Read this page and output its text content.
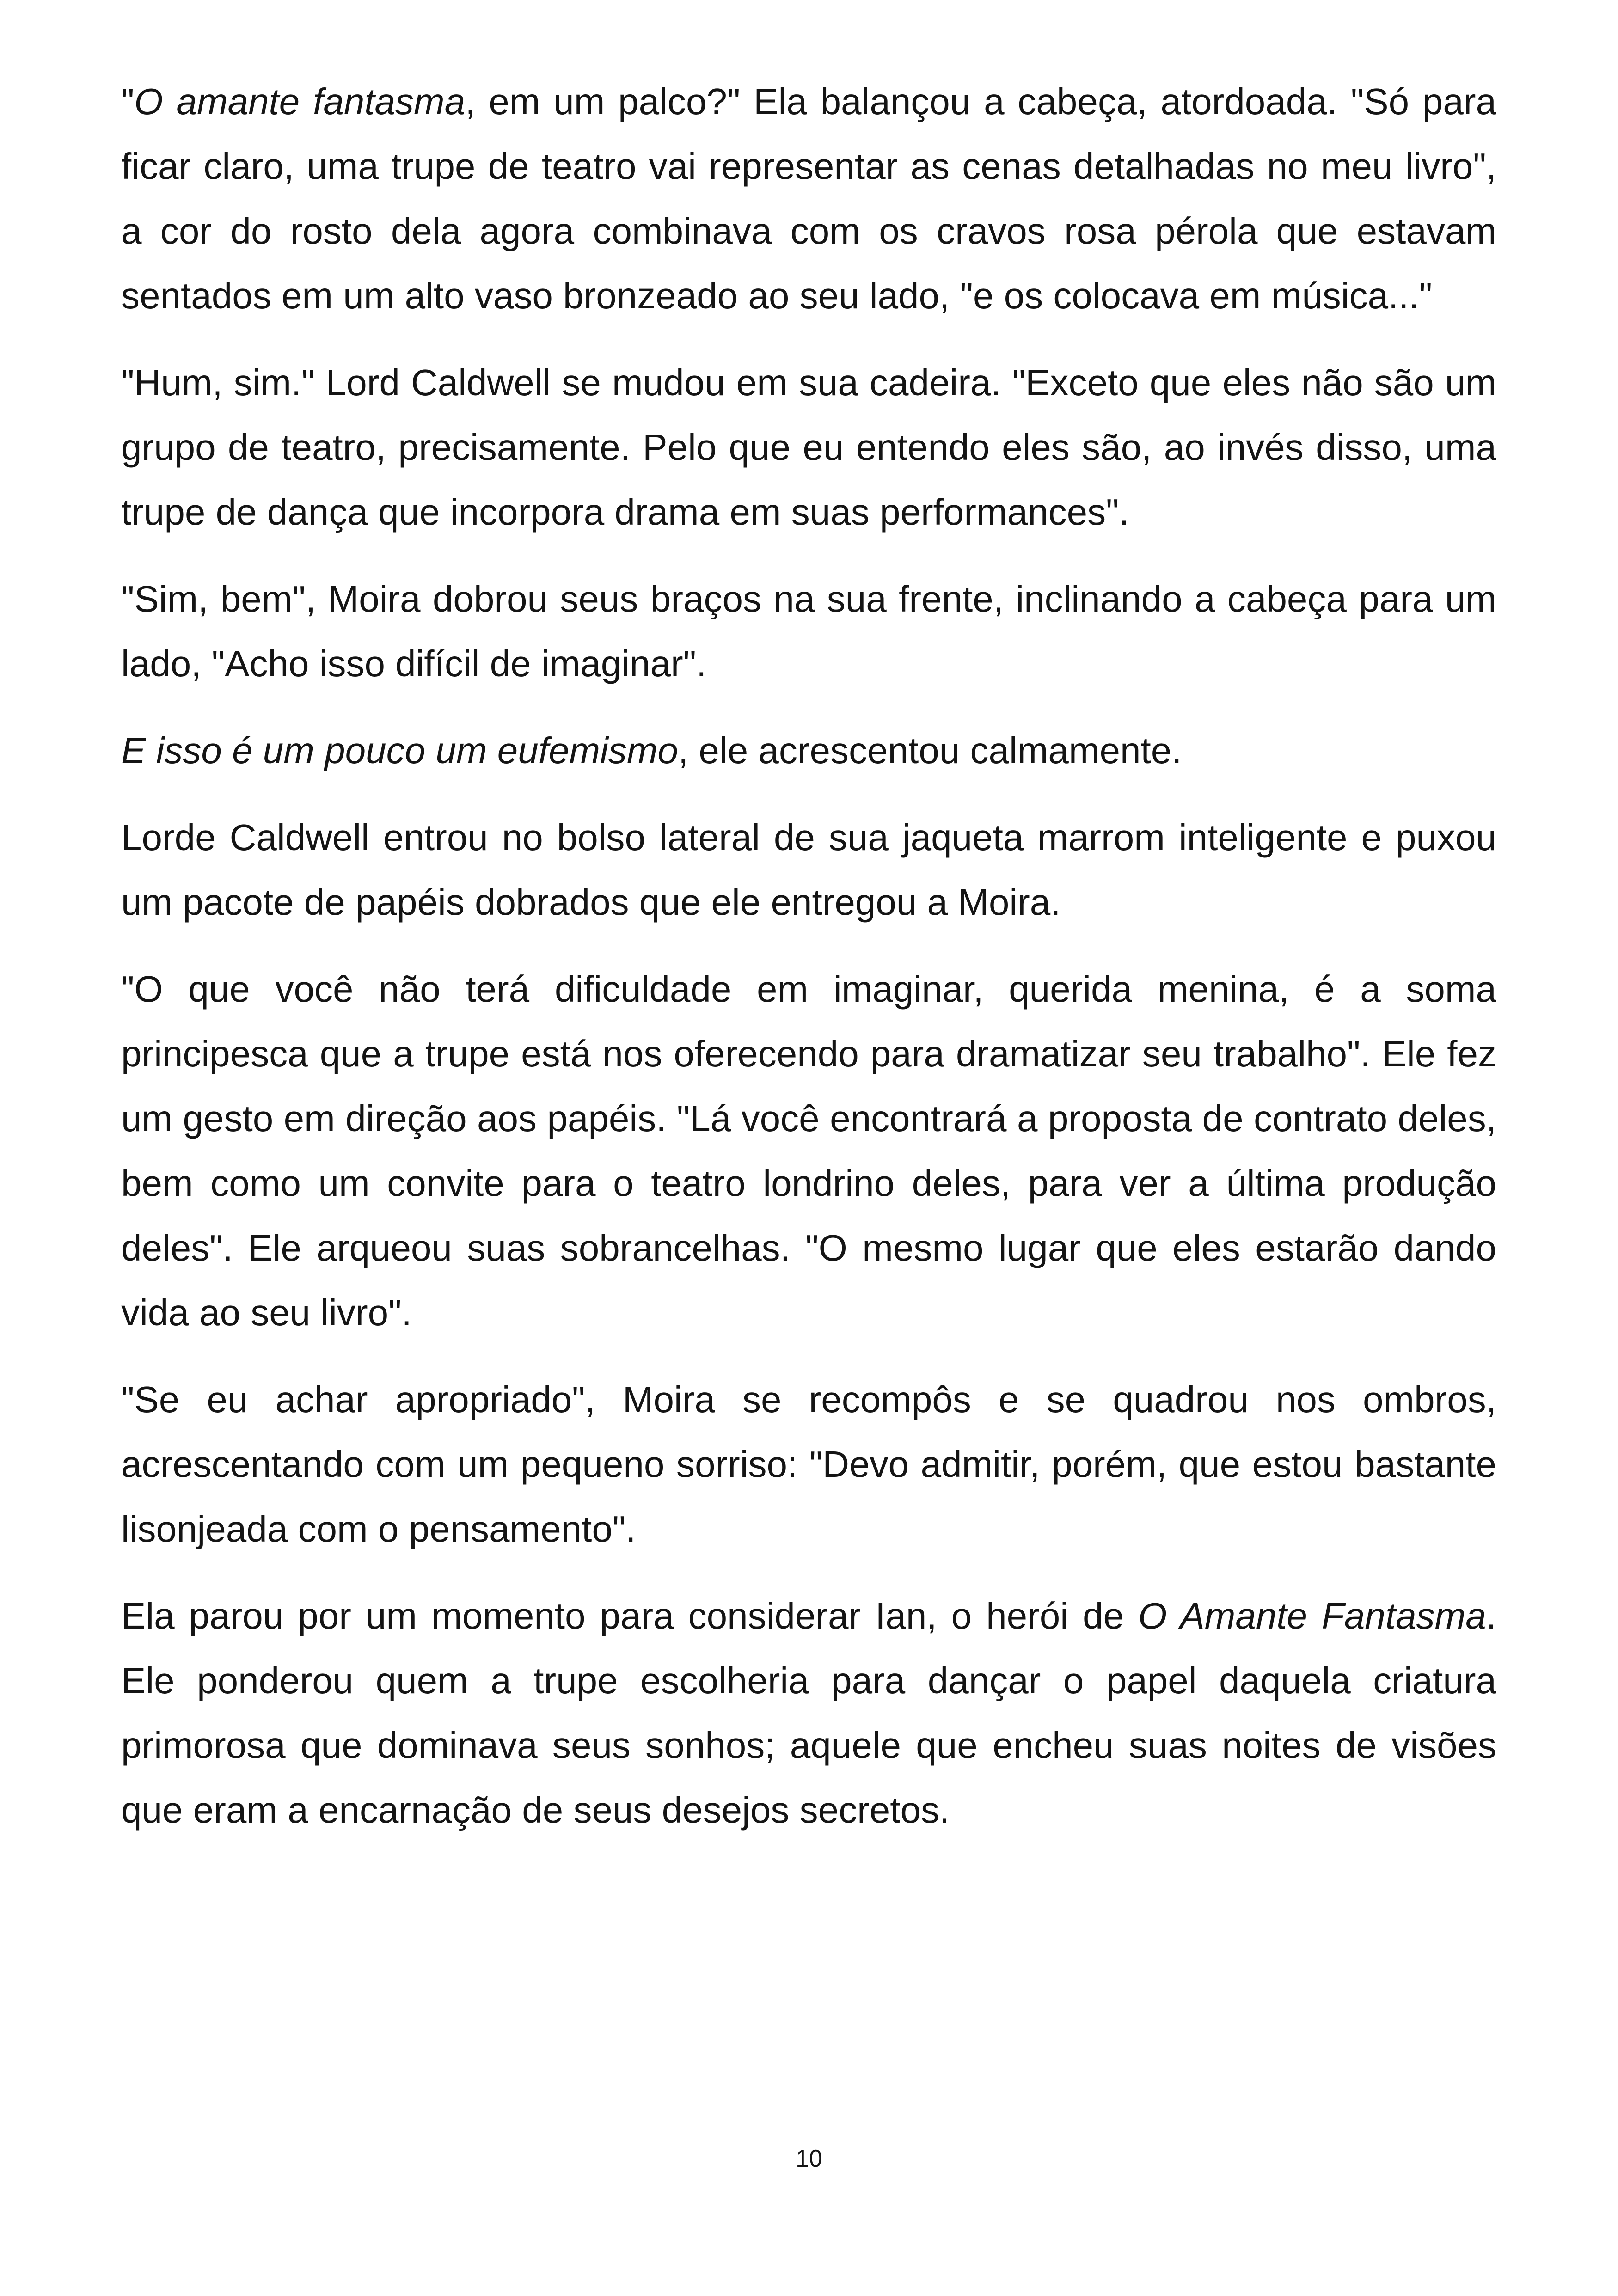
"O amante fantasma, em um palco?" Ela balançou a cabeça, atordoada. "Só para ficar claro, uma trupe de teatro vai representar as cenas detalhadas no meu livro", a cor do rosto dela agora combinava com os cravos rosa pérola que estavam sentados em um alto vaso bronzeado ao seu lado, "e os colocava em música..."

"Hum, sim." Lord Caldwell se mudou em sua cadeira. "Exceto que eles não são um grupo de teatro, precisamente. Pelo que eu entendo eles são, ao invés disso, uma trupe de dança que incorpora drama em suas performances".

"Sim, bem", Moira dobrou seus braços na sua frente, inclinando a cabeça para um lado, "Acho isso difícil de imaginar".

E isso é um pouco um eufemismo, ele acrescentou calmamente.

Lorde Caldwell entrou no bolso lateral de sua jaqueta marrom inteligente e puxou um pacote de papéis dobrados que ele entregou a Moira.

"O que você não terá dificuldade em imaginar, querida menina, é a soma principesca que a trupe está nos oferecendo para dramatizar seu trabalho". Ele fez um gesto em direção aos papéis. "Lá você encontrará a proposta de contrato deles, bem como um convite para o teatro londrino deles, para ver a última produção deles". Ele arqueou suas sobrancelhas. "O mesmo lugar que eles estarão dando vida ao seu livro".

"Se eu achar apropriado", Moira se recompôs e se quadrou nos ombros, acrescentando com um pequeno sorriso: "Devo admitir, porém, que estou bastante lisonjeada com o pensamento".

Ela parou por um momento para considerar Ian, o herói de O Amante Fantasma. Ele ponderou quem a trupe escolheria para dançar o papel daquela criatura primorosa que dominava seus sonhos; aquele que encheu suas noites de visões que eram a encarnação de seus desejos secretos.

10
